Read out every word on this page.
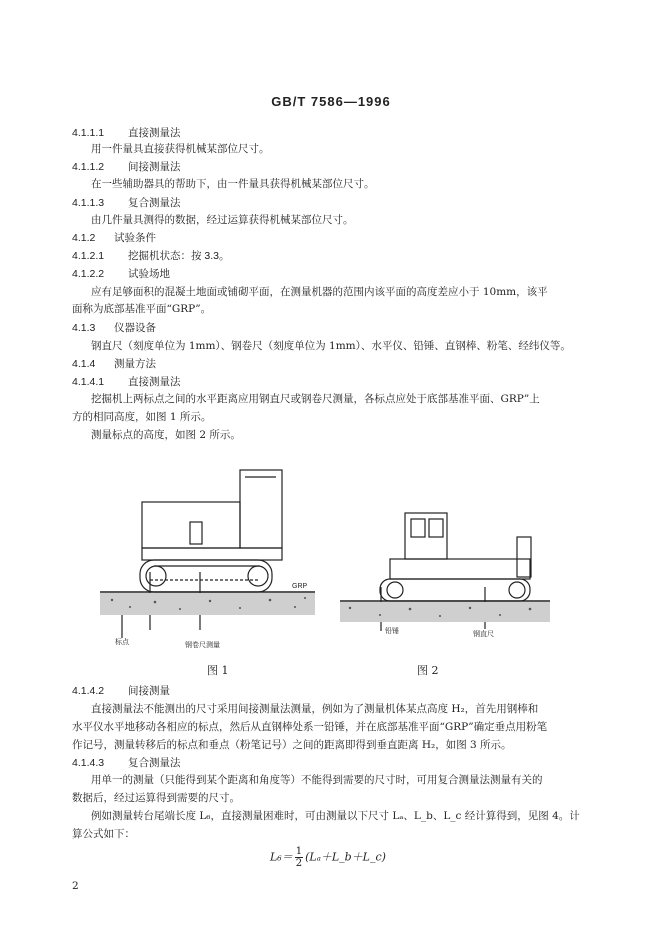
GB/T 7586—1996
4.1.1.1 直接测量法
用一件量具直接获得机械某部位尺寸。
4.1.1.2 间接测量法
在一些辅助器具的帮助下，由一件量具获得机械某部位尺寸。
4.1.1.3 复合测量法
由几件量具测得的数据，经过运算获得机械某部位尺寸。
4.1.2 试验条件
4.1.2.1 挖掘机状态：按 3.3。
4.1.2.2 试验场地
应有足够面积的混凝土地面或铺砌平面，在测量机器的范围内该平面的高度差应小于 10mm，该平
面称为底部基准平面“GRP”。
4.1.3 仪器设备
钢直尺（刻度单位为 1mm）、钢卷尺（刻度单位为 1mm）、水平仪、铅锤、直钢棒、粉笔、经纬仪等。
4.1.4 测量方法
4.1.4.1 直接测量法
挖掘机上两标点之间的水平距离应用钢直尺或钢卷尺测量，各标点应处于底部基准平面、GRP”上
方的相同高度，如图 1 所示。
测量标点的高度，如图 2 所示。
GRP
标点	钢卷尺测量
图 1
铅锤	钢直尺
图 2
4.1.4.2 间接测量
直接测量法不能测出的尺寸采用间接测量法测量，例如为了测量机体某点高度 H₂，首先用钢棒和
水平仪水平地移动各相应的标点，然后从直钢棒处系一铅锤，并在底部基准平面“GRP”确定垂点用粉笔
作记号，测量转移后的标点和垂点（粉笔记号）之间的距离即得到垂直距离 H₂，如图 3 所示。
4.1.4.3 复合测量法
用单一的测量（只能得到某个距离和角度等）不能得到需要的尺寸时，可用复合测量法测量有关的
数据后，经过运算得到需要的尺寸。
例如测量转台尾端长度 L₆，直接测量困难时，可由测量以下尺寸 Lₐ、L_b、L_c 经计算得到，见图 4。计
算公式如下：
$L_6= \frac{1}{2}$ (Lₐ＋L_b＋L_c)
2
